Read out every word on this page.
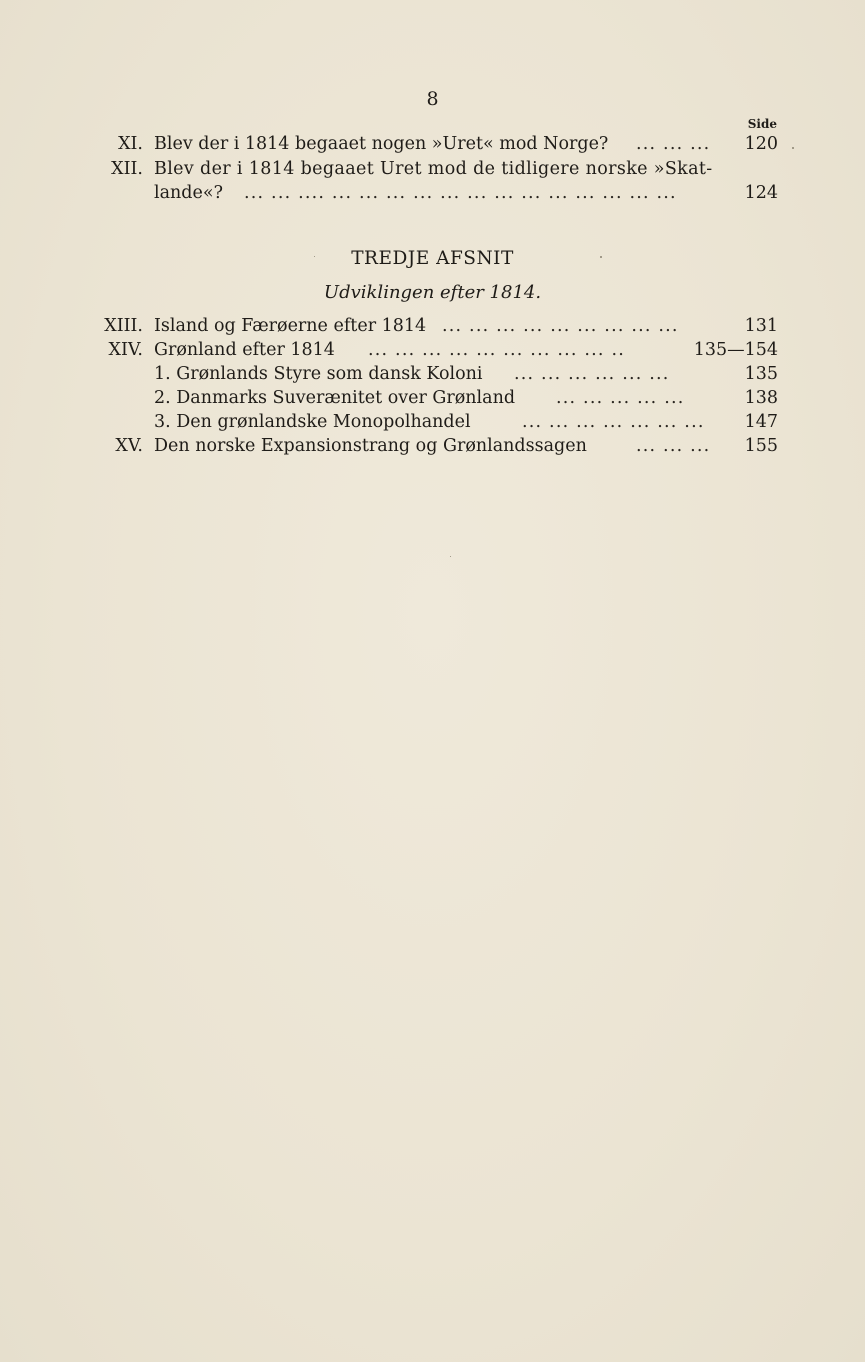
8
Side
XI. Blev der i 1814 begaaet nogen »Uret« mod Norge? ... ... ...	120
XII. Blev der i 1814 begaaet Uret mod de tidligere norske »Skat-
lande«? ... ... .... ... ... ... ... ... ... ... ... ... ... ... ... ...	124
TREDJE AFSNIT
Udviklingen efter 1814.
XIII. Island og Færøerne efter 1814 ... ... ... ... ... ... ... ... ...	131
XIV. Grønland efter 1814 ... ... ... ... ... ... ... ... ... ..	135—154
1. Grønlands Styre som dansk Koloni ... ... ... ... ... ...	135
2. Danmarks Suverænitet over Grønland ... ... ... ... ...	138
3. Den grønlandske Monopolhandel	... ... ... ... ... ... ...	147
XV. Den norske Expansionstrang og Grønlandssagen	... ... ...	155
